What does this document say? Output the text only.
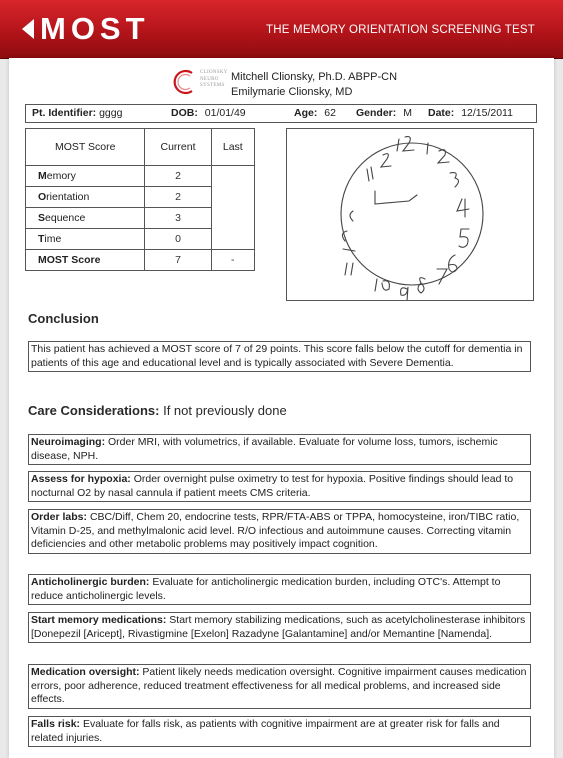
MOST	THE MEMORY ORIENTATION SCREENING TEST
CLIONSKY
NEURO
SYSTEMS
Mitchell Clionsky, Ph.D. ABPP-CN
Emilymarie Clionsky, MD
Pt. Identifier: gggg	DOB: 01/01/49	Age: 62 Gender: M Date: 12/15/2011
MOST Score	Current	Last
Memory	2	
Orientation	2	
Sequence	3	
Time	0	
MOST Score	7	-
Conclusion
This patient has achieved a MOST score of 7 of 29 points. This score falls below the cutoff for dementia in patients of this age and educational level and is typically associated with Severe Dementia.
Care Considerations: If not previously done
Neuroimaging: Order MRI, with volumetrics, if available. Evaluate for volume loss, tumors, ischemic disease, NPH.
Assess for hypoxia: Order overnight pulse oximetry to test for hypoxia. Positive findings should lead to nocturnal O2 by nasal cannula if patient meets CMS criteria.
Order labs: CBC/Diff, Chem 20, endocrine tests, RPR/FTA-ABS or TPPA, homocysteine, iron/TIBC ratio, Vitamin D-25, and methylmalonic acid level. R/O infectious and autoimmune causes. Correcting vitamin deficiencies and other metabolic problems may positively impact cognition.
Anticholinergic burden: Evaluate for anticholinergic medication burden, including OTC's. Attempt to reduce anticholinergic levels.
Start memory medications: Start memory stabilizing medications, such as acetylcholinesterase inhibitors [Donepezil [Aricept], Rivastigmine [Exelon] Razadyne [Galantamine] and/or Memantine [Namenda].
Medication oversight: Patient likely needs medication oversight. Cognitive impairment causes medication errors, poor adherence, reduced treatment effectiveness for all medical problems, and increased side effects.
Falls risk: Evaluate for falls risk, as patients with cognitive impairment are at greater risk for falls and related injuries.
